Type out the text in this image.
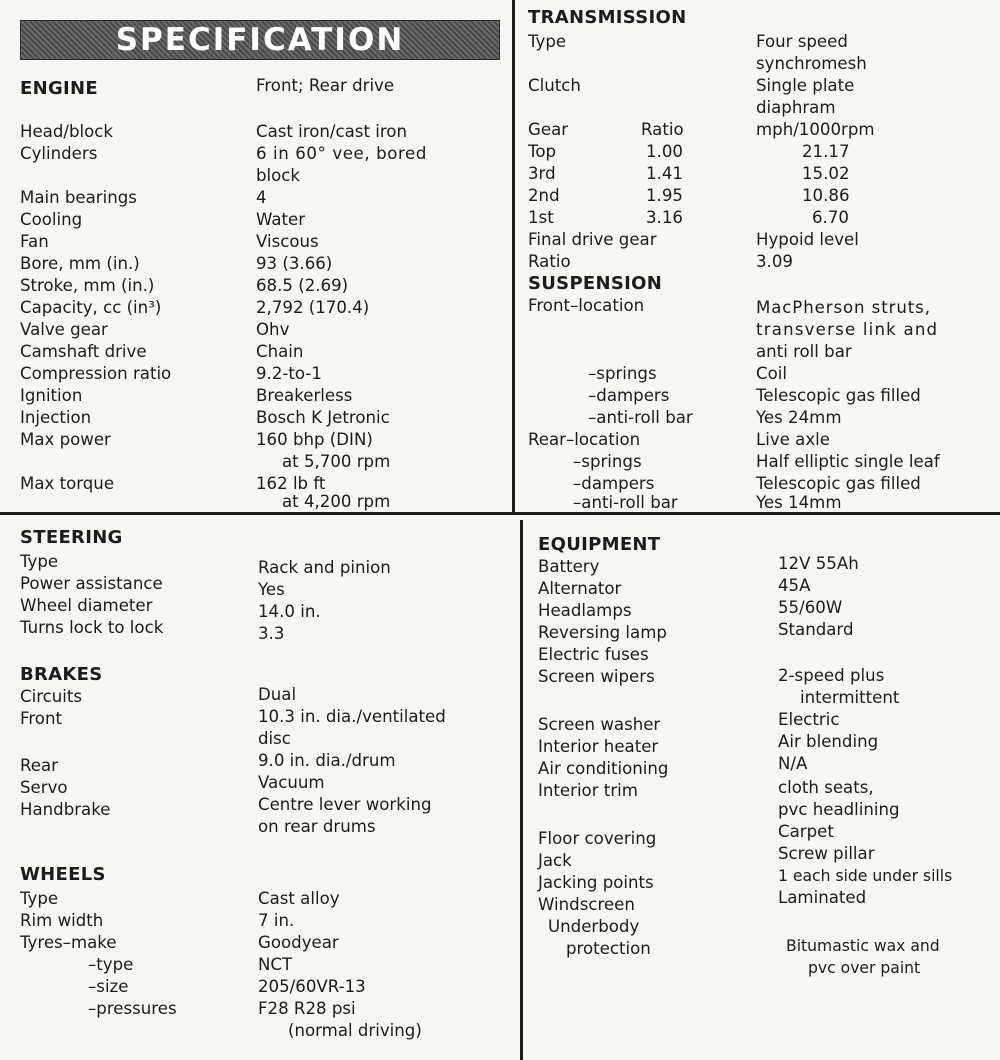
SPECIFICATION
ENGINE	Front; Rear drive
Head/block	Cast iron/cast iron
Cylinders	6 in 60° vee, bored
block
Main bearings	4
Cooling	Water
Fan	Viscous
Bore, mm (in.)	93 (3.66)
Stroke, mm (in.)	68.5 (2.69)
Capacity, cc (in³)	2,792 (170.4)
Valve gear	Ohv
Camshaft drive	Chain
Compression ratio	9.2-to-1
Ignition	Breakerless
Injection	Bosch K Jetronic
Max power	160 bhp (DIN)
at 5,700 rpm
Max torque	162 lb ft
at 4,200 rpm
TRANSMISSION
Type	Four speed
synchromesh
Clutch	Single plate
diaphram
Gear	Ratio	mph/1000rpm
Top	1.00	21.17
3rd	1.41	15.02
2nd	1.95	10.86
1st	3.16	6.70
Final drive gear	Hypoid level
Ratio	3.09
SUSPENSION
Front–location	MacPherson struts,
transverse link and
anti roll bar
–springs	Coil
–dampers	Telescopic gas filled
–anti-roll bar	Yes 24mm
Rear–location	Live axle
–springs	Half elliptic single leaf
–dampers	Telescopic gas filled
–anti-roll bar	Yes 14mm
STEERING
Type	Rack and pinion
Power assistance	Yes
Wheel diameter	14.0 in.
Turns lock to lock	3.3
BRAKES
Circuits	Dual
Front	10.3 in. dia./ventilated
disc
Rear	9.0 in. dia./drum
Servo	Vacuum
Handbrake	Centre lever working
on rear drums
WHEELS
Type	Cast alloy
Rim width	7 in.
Tyres–make	Goodyear
–type	NCT
–size	205/60VR-13
–pressures	F28 R28 psi
(normal driving)
EQUIPMENT
Battery	12V 55Ah
Alternator	45A
Headlamps	55/60W
Reversing lamp	Standard
Electric fuses
Screen wipers	2-speed plus
intermittent
Screen washer	Electric
Interior heater	Air blending
Air conditioning	N/A
Interior trim	cloth seats,
pvc headlining
Floor covering	Carpet
Jack	Screw pillar
Jacking points	1 each side under sills
Windscreen	Laminated
Underbody
protection	Bitumastic wax and
pvc over paint
